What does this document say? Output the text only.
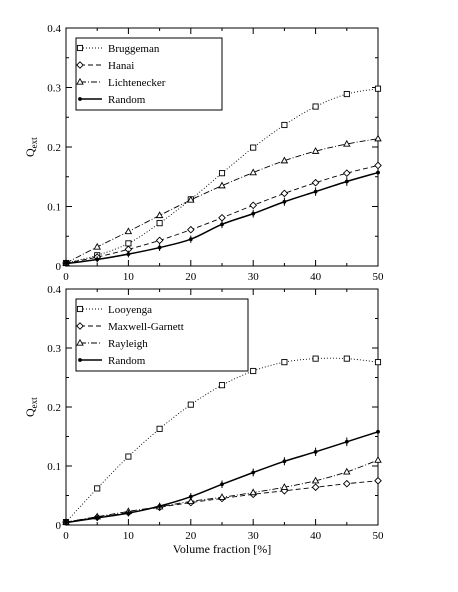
0	10	20	30	40	50
0
0.1
0.2
0.3
0.4
$Q_{ext}$
Bruggeman
Hanai
Lichtenecker
Random
0	10	20	30	40	50
0
0.1
0.2
0.3
0.4
$Q_{ext}$
Volume fraction [%]
Looyenga
Maxwell-Garnett
Rayleigh
Random
